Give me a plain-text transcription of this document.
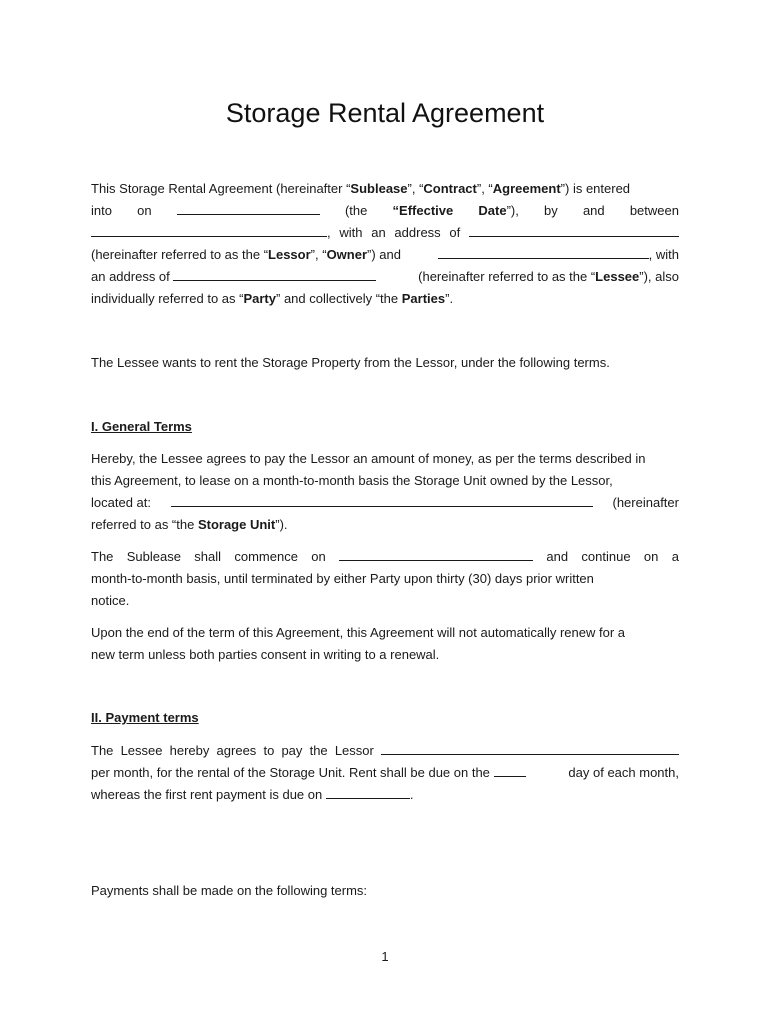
Storage Rental Agreement
This Storage Rental Agreement (hereinafter “Sublease”, “Contract”, “Agreement”) is entered
into on	(the “Effective Date”), by and between
, with an address of
(hereinafter referred to as the “Lessor”, “Owner”) and	, with
an address of	(hereinafter referred to as the “Lessee”), also
individually referred to as “Party” and collectively “the Parties”.
The Lessee wants to rent the Storage Property from the Lessor, under the following terms.
I. General Terms
Hereby, the Lessee agrees to pay the Lessor an amount of money, as per the terms described in
this Agreement, to lease on a month-to-month basis the Storage Unit owned by the Lessor,
located at:	(hereinafter
referred to as “the Storage Unit”).
The Sublease shall commence on	and continue on a
month-to-month basis, until terminated by either Party upon thirty (30) days prior written
notice.
Upon the end of the term of this Agreement, this Agreement will not automatically renew for a
new term unless both parties consent in writing to a renewal.
II. Payment terms
The Lessee hereby agrees to pay the Lessor
per month, for the rental of the Storage Unit. Rent shall be due on the	day of each month,
whereas the first rent payment is due on	.
Payments shall be made on the following terms:
1
